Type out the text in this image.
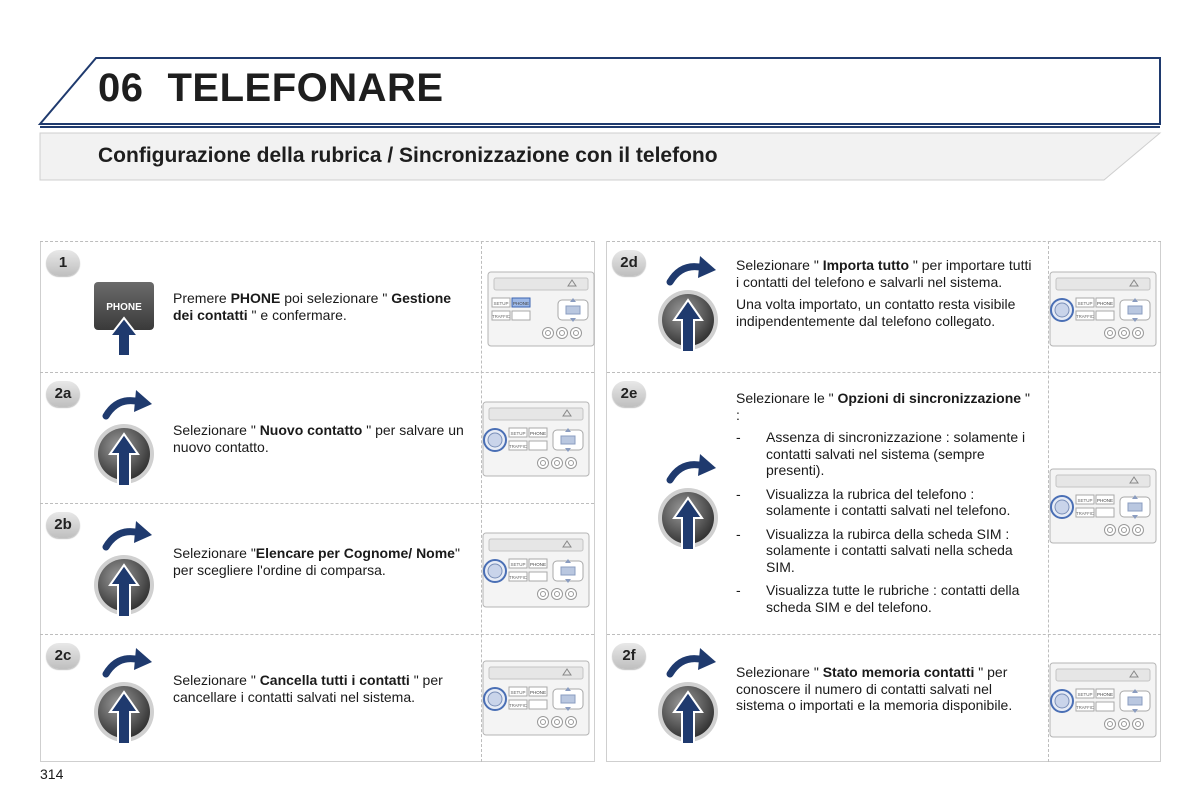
06 TELEFONARE
Configurazione della rubrica / Sincronizzazione con il telefono
1
PHONE

Premere PHONE poi selezionare " Gestione dei contatti " e confermare.

2a

Selezionare " Nuovo contatto " per salvare un nuovo contatto.

2b

Selezionare "Elencare per Cognome/ Nome" per scegliere l'ordine di comparsa.

2c

Selezionare " Cancella tutti i contatti " per cancellare i contatti salvati nel sistema.

SETUP PHONE
TRAFFIC
SETUP PHONE
TRAFFIC
SETUP PHONE
TRAFFIC
SETUP PHONE
TRAFFIC
2d	Selezionare " Importa tutto " per importare tutti i contatti del telefono e salvarli nel sistema.

Una volta importato, un contatto resta visibile indipendentemente dal telefono collegato.

2e	Selezionare le " Opzioni di sincronizzazione " :

- Assenza di sincronizzazione : solamente i contatti salvati nel sistema (sempre presenti).
- Visualizza la rubrica del telefono : solamente i contatti salvati nel telefono.
- Visualizza la rubirca della scheda SIM : solamente i contatti salvati nella scheda SIM.
- Visualizza tutte le rubriche : contatti della scheda SIM e del telefono.
2f

Selezionare " Stato memoria contatti " per conoscere il numero di contatti salvati nel sistema o importati e la memoria disponibile.

SETUP PHONE
TRAFFIC
SETUP PHONE
TRAFFIC
SETUP PHONE
TRAFFIC
314
